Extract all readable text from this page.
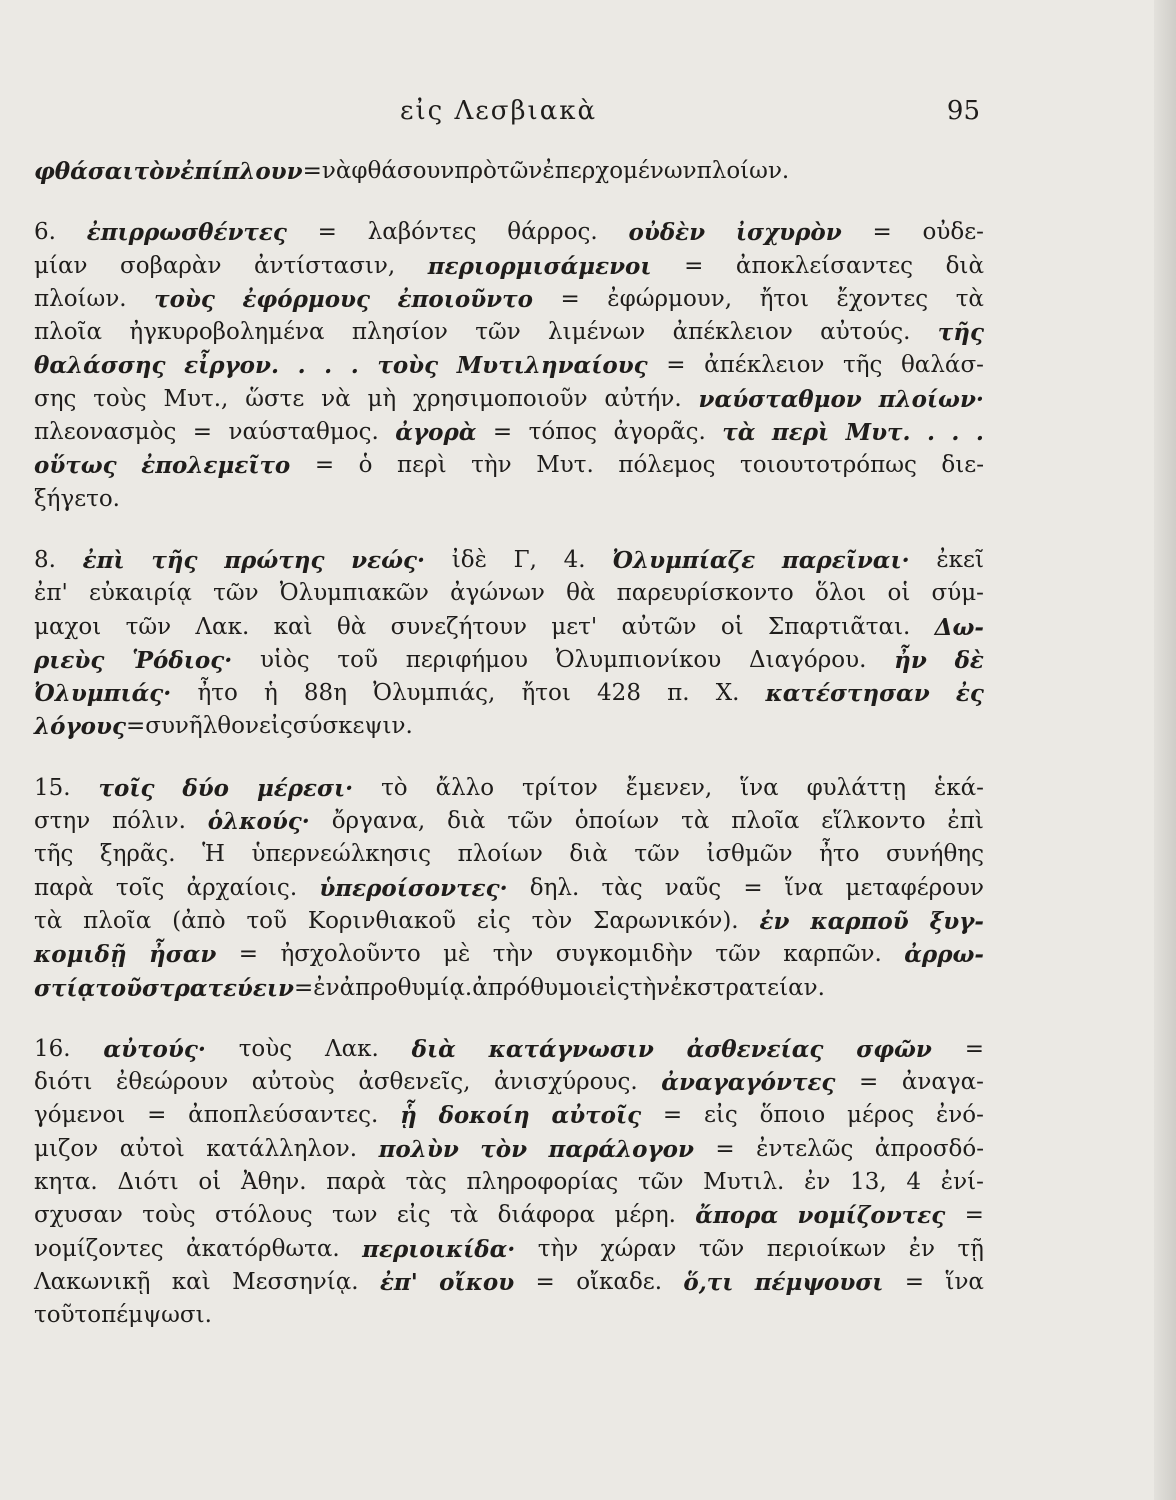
εἰς Λεσβιακὰ	95
φθάσαι τὸν ἐπίπλουν = νὰ φθάσουν πρὸ τῶν ἐπερχομένων πλοίων.
6. ἐπιρρωσθέντες = λαβόντες θάρρος. οὐδὲν ἰσχυρὸν = οὐδε-
μίαν σοβαρὰν ἀντίστασιν, περιορμισάμενοι = ἀποκλείσαντες διὰ
πλοίων. τοὺς ἐφόρμους ἐποιοῦντο = ἐφώρμουν, ἤτοι ἔχοντες τὰ
πλοῖα ἠγκυροβολημένα πλησίον τῶν λιμένων ἀπέκλειον αὐτούς. τῆς
θαλάσσης εἶργον. . . . τοὺς Μυτιληναίους = ἀπέκλειον τῆς θαλάσ-
σης τοὺς Μυτ., ὥστε νὰ μὴ χρησιμοποιοῦν αὐτήν. ναύσταθμον πλοίων·
πλεονασμὸς = ναύσταθμος. ἀγορὰ = τόπος ἀγορᾶς. τὰ περὶ Μυτ. . . .
οὕτως ἐπολεμεῖτο = ὁ περὶ τὴν Μυτ. πόλεμος τοιουτοτρόπως διε-
ξήγετο.
8. ἐπὶ τῆς πρώτης νεώς· ἰδὲ Γ, 4. Ὀλυμπίαζε παρεῖναι· ἐκεῖ
ἐπ' εὐκαιρίᾳ τῶν Ὀλυμπιακῶν ἀγώνων θὰ παρευρίσκοντο ὅλοι οἱ σύμ-
μαχοι τῶν Λακ. καὶ θὰ συνεζήτουν μετ' αὐτῶν οἱ Σπαρτιᾶται. Δω-
ριεὺς Ῥόδιος· υἱὸς τοῦ περιφήμου Ὀλυμπιονίκου Διαγόρου. ἦν δὲ
Ὀλυμπιάς· ἦτο ἡ 88η Ὀλυμπιάς, ἤτοι 428 π. Χ. κατέστησαν ἐς
λόγους = συνῆλθον εἰς σύσκεψιν.
15. τοῖς δύο μέρεσι· τὸ ἄλλο τρίτον ἔμενεν, ἵνα φυλάττῃ ἑκά-
στην πόλιν. ὁλκούς· ὄργανα, διὰ τῶν ὁποίων τὰ πλοῖα εἵλκοντο ἐπὶ
τῆς ξηρᾶς. Ἡ ὑπερνεώλκησις πλοίων διὰ τῶν ἰσθμῶν ἦτο συνήθης
παρὰ τοῖς ἀρχαίοις. ὑπεροίσοντες· δηλ. τὰς ναῦς = ἵνα μεταφέρουν
τὰ πλοῖα (ἀπὸ τοῦ Κορινθιακοῦ εἰς τὸν Σαρωνικόν). ἐν καρποῦ ξυγ-
κομιδῇ ἦσαν = ἠσχολοῦντο μὲ τὴν συγκομιδὴν τῶν καρπῶν. ἀρρω-
στίᾳ τοῦ στρατεύειν = ἐν ἀπροθυμίᾳ. ἀπρόθυμοι εἰς τὴν ἐκστρατείαν.
16. αὐτούς· τοὺς Λακ. διὰ κατάγνωσιν ἀσθενείας σφῶν =
διότι ἐθεώρουν αὐτοὺς ἀσθενεῖς, ἀνισχύρους. ἀναγαγόντες = ἀναγα-
γόμενοι = ἀποπλεύσαντες. ᾗ δοκοίη αὐτοῖς = εἰς ὅποιο μέρος ἐνό-
μιζον αὐτοὶ κατάλληλον. πολὺν τὸν παράλογον = ἐντελῶς ἀπροσδό-
κητα. Διότι οἱ Ἀθην. παρὰ τὰς πληροφορίας τῶν Μυτιλ. ἐν 13, 4 ἐνί-
σχυσαν τοὺς στόλους των εἰς τὰ διάφορα μέρη. ἄπορα νομίζοντες =
νομίζοντες ἀκατόρθωτα. περιοικίδα· τὴν χώραν τῶν περιοίκων ἐν τῇ
Λακωνικῇ καὶ Μεσσηνίᾳ. ἐπ' οἴκου = οἴκαδε. ὅ,τι πέμψουσι = ἵνα
τοῦτο πέμψωσι.
